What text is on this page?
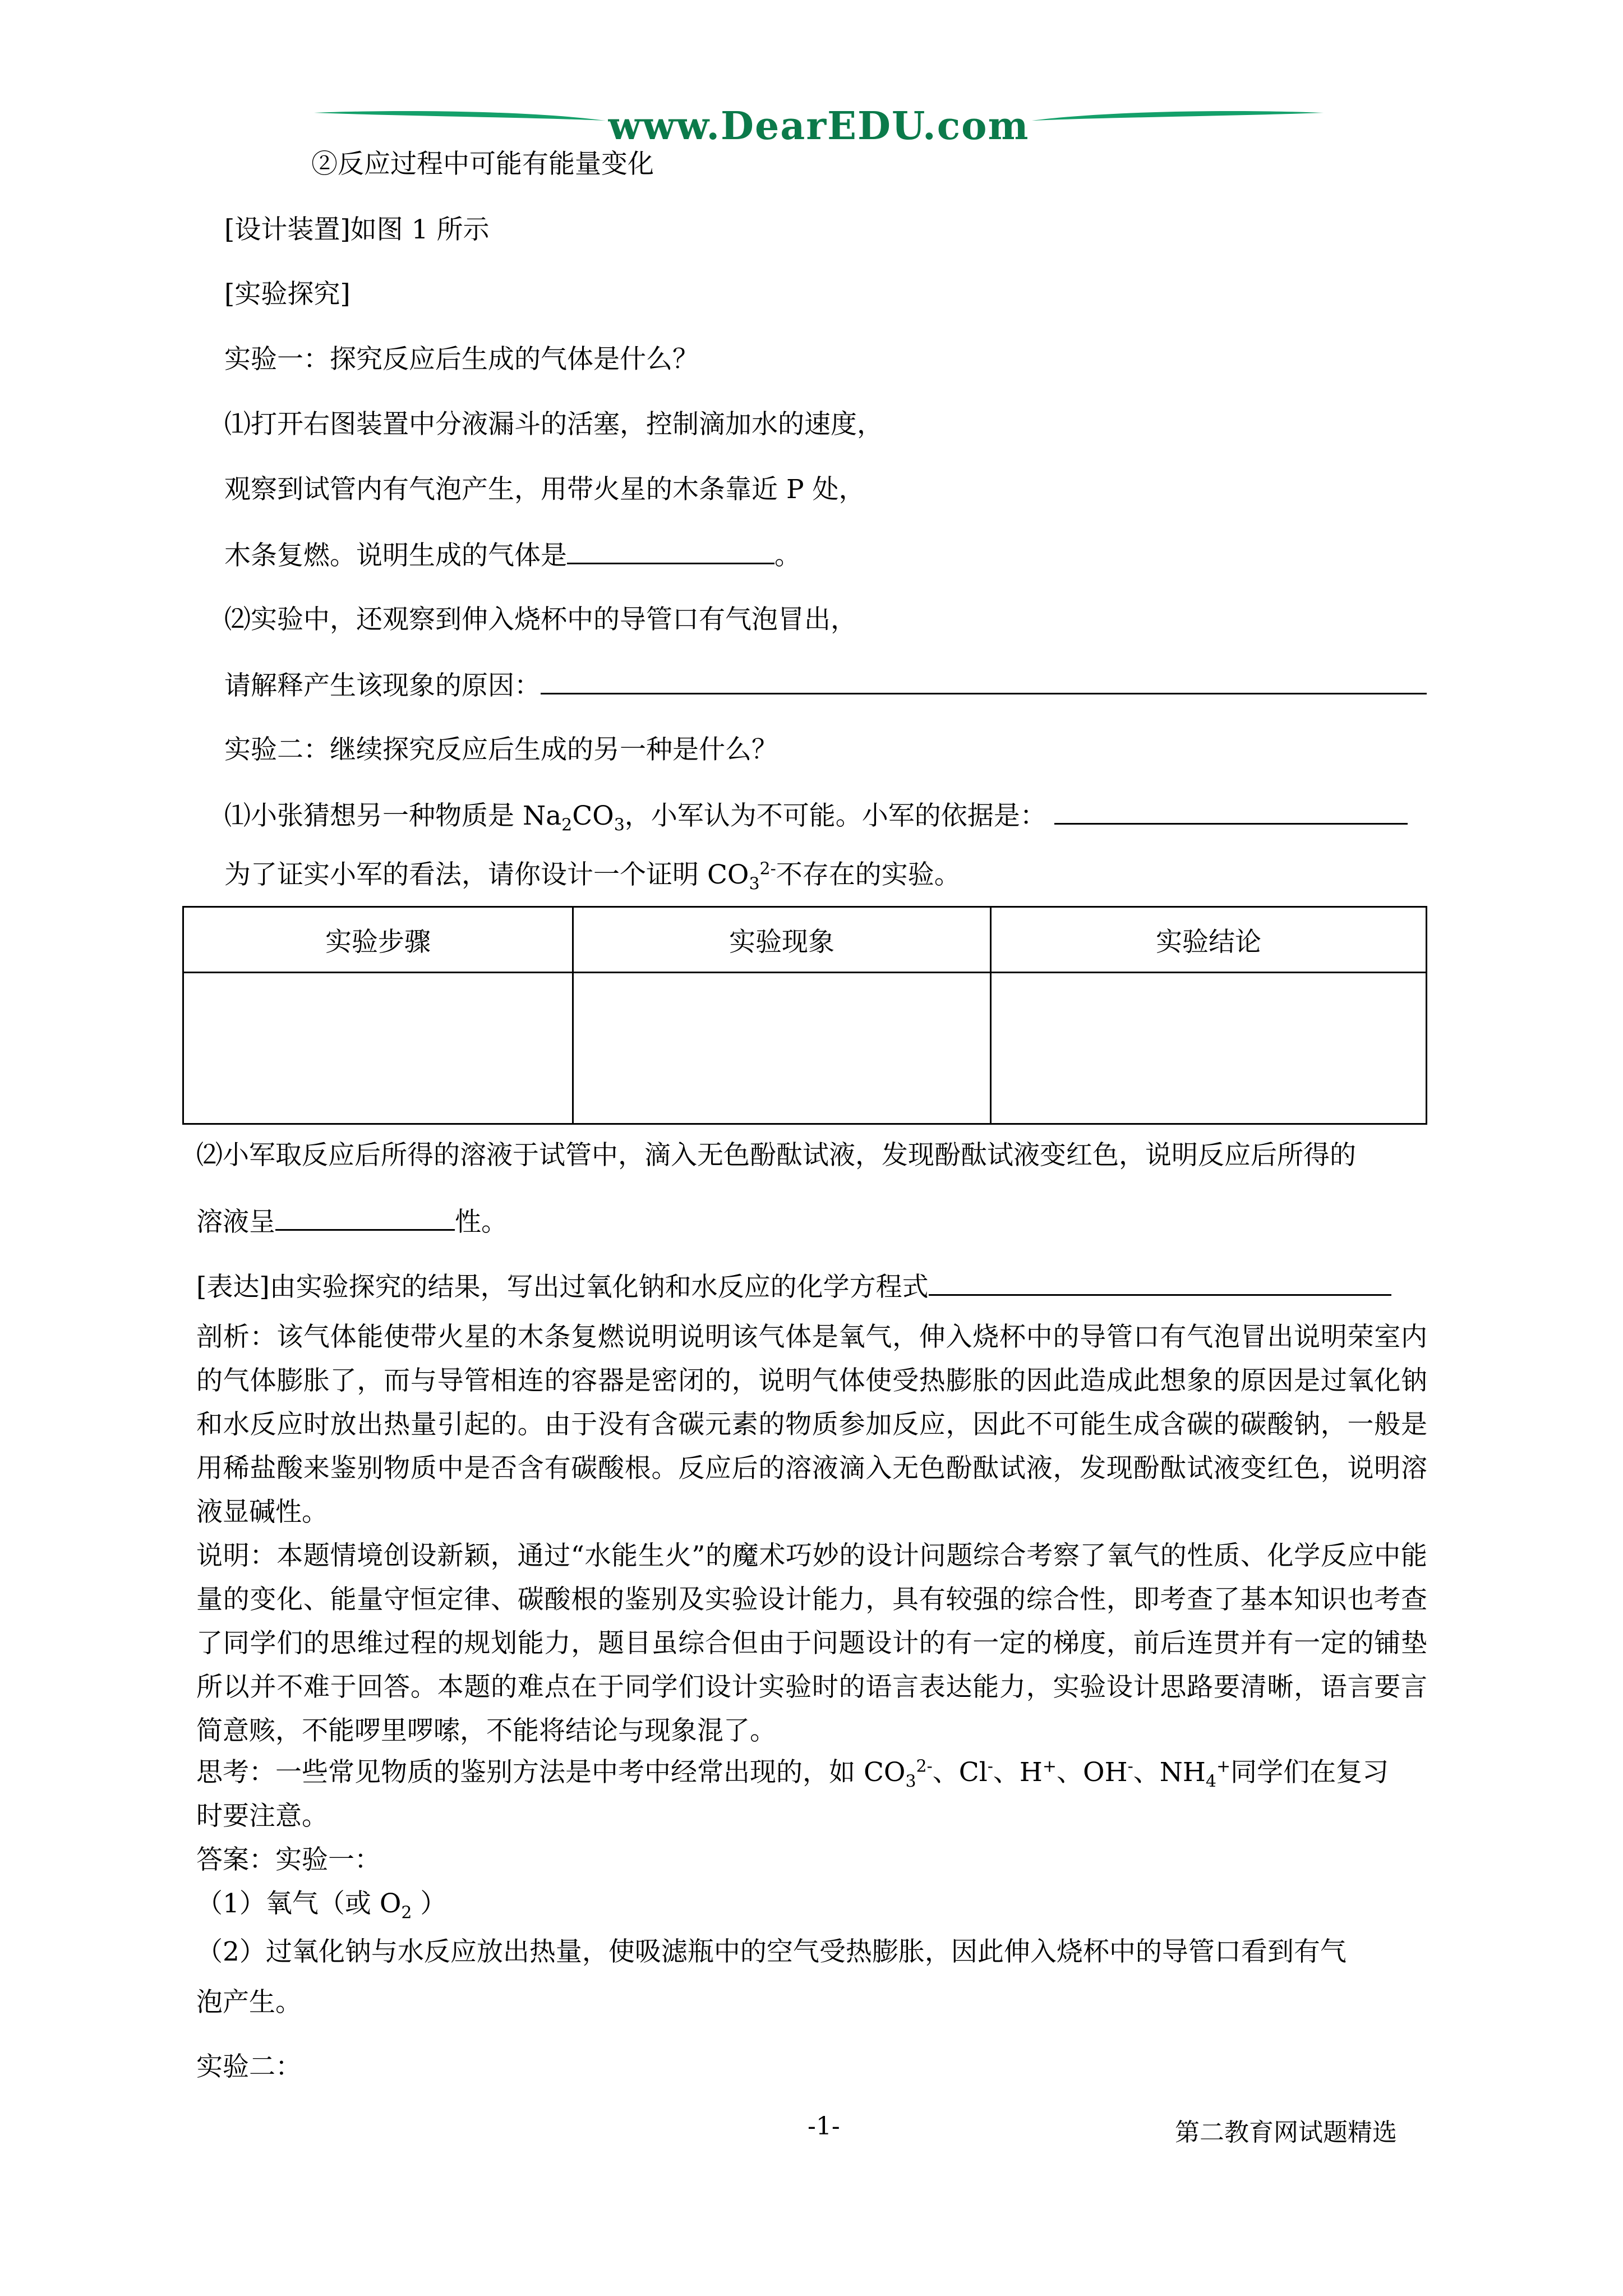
www.DearEDU.com
②反应过程中可能有能量变化
[设计装置]如图 1 所示
[实验探究]
实验一：探究反应后生成的气体是什么？
⑴打开右图装置中分液漏斗的活塞，控制滴加水的速度，
观察到试管内有气泡产生，用带火星的木条靠近 P 处，
木条复燃。说明生成的气体是	。
⑵实验中，还观察到伸入烧杯中的导管口有气泡冒出，
请解释产生该现象的原因：
实验二：继续探究反应后生成的另一种是什么？
⑴小张猜想另一种物质是 $Na_2CO_3$，小军认为不可能。小军的依据是：
为了证实小军的看法，请你设计一个证明 $CO_3^{2-}$不存在的实验。
实验步骤	实验现象	实验结论

⑵小军取反应后所得的溶液于试管中，滴入无色酚酞试液，发现酚酞试液变红色，说明反应后所得的
溶液呈	性。
[表达]由实验探究的结果，写出过氧化钠和水反应的化学方程式
剖析：该气体能使带火星的木条复燃说明说明该气体是氧气，伸入烧杯中的导管口有气泡冒出说明荣室内的气体膨胀了，而与导管相连的容器是密闭的，说明气体使受热膨胀的因此造成此想象的原因是过氧化钠和水反应时放出热量引起的。由于没有含碳元素的物质参加反应，因此不可能生成含碳的碳酸钠，一般是用稀盐酸来鉴别物质中是否含有碳酸根。反应后的溶液滴入无色酚酞试液，发现酚酞试液变红色，说明溶液显碱性。
说明：本题情境创设新颖，通过“水能生火”的魔术巧妙的设计问题综合考察了氧气的性质、化学反应中能量的变化、能量守恒定律、碳酸根的鉴别及实验设计能力，具有较强的综合性，即考查了基本知识也考查了同学们的思维过程的规划能力，题目虽综合但由于问题设计的有一定的梯度，前后连贯并有一定的铺垫所以并不难于回答。本题的难点在于同学们设计实验时的语言表达能力，实验设计思路要清晰，语言要言简意赅，不能啰里啰嗦，不能将结论与现象混了。
思考：一些常见物质的鉴别方法是中考中经常出现的，如 $CO_3^{2-}$、Cl-、H+、OH-、$NH_4^+$同学们在复习
时要注意。
答案：实验一：
（1）氧气（或 $O_2$ ）
（2）过氧化钠与水反应放出热量，使吸滤瓶中的空气受热膨胀，因此伸入烧杯中的导管口看到有气
泡产生。
实验二：
-1-	第二教育网试题精选
